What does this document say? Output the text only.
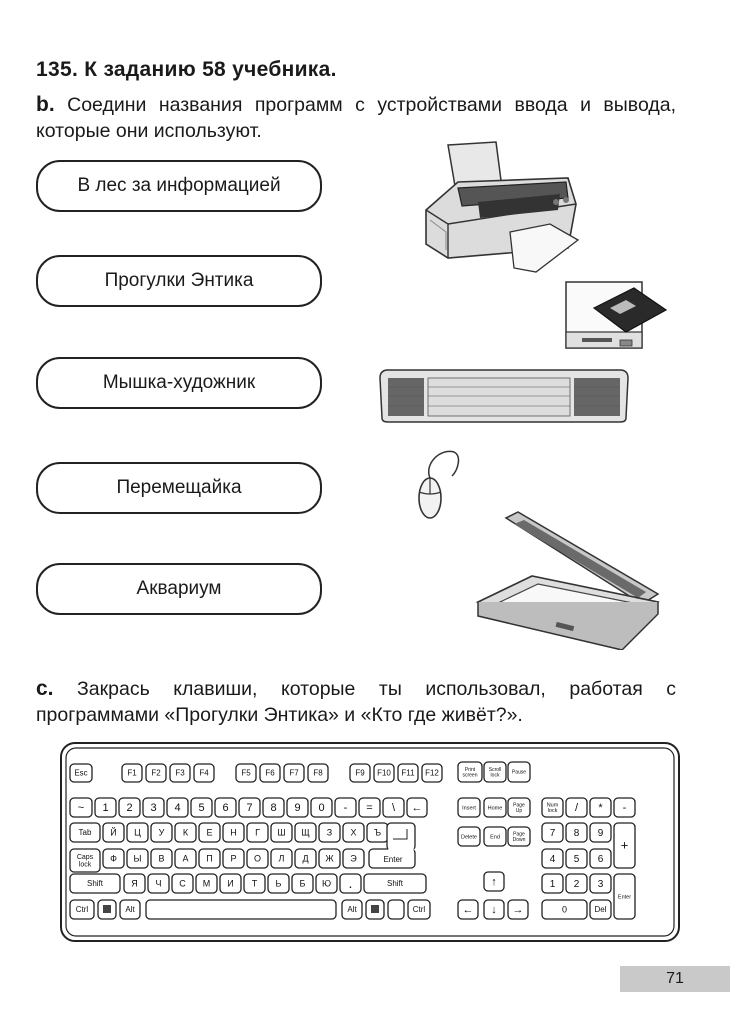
135. К заданию 58 учебника.
b. Соедини названия программ с устройствами ввода и вывода, которые они используют.
В лес за информацией
Прогулки Энтика
Мышка-художник
Перемещайка
Аквариум
c. Закрась клавиши, которые ты использовал, работая с программами «Прогулки Энтика» и «Кто где живёт?».
Esc	F1 F2 F3 F4	F5 F6 F7 F8	F9 F10 F11 F12	Print
screen
Scroll
lock Pause
~ 1 2 3 4 5 6 7 8 9 0 - = \ ←
Tab Й Ц У К Е Н Г Ш Щ З Х Ъ
Caps
lock
Ф Ы В А П Р О Л Д Ж Э	Enter
Shift	Я Ч С М И Т Ь Б Ю .	Shift
Ctrl	Alt	Alt	Ctrl
Insert Home Page
Up
Delete End	Page
Down
↑
← ↓ →
Num
lock / * -
7 8 9
4 5 6
1 2 3
0	Del
+
Enter
71
